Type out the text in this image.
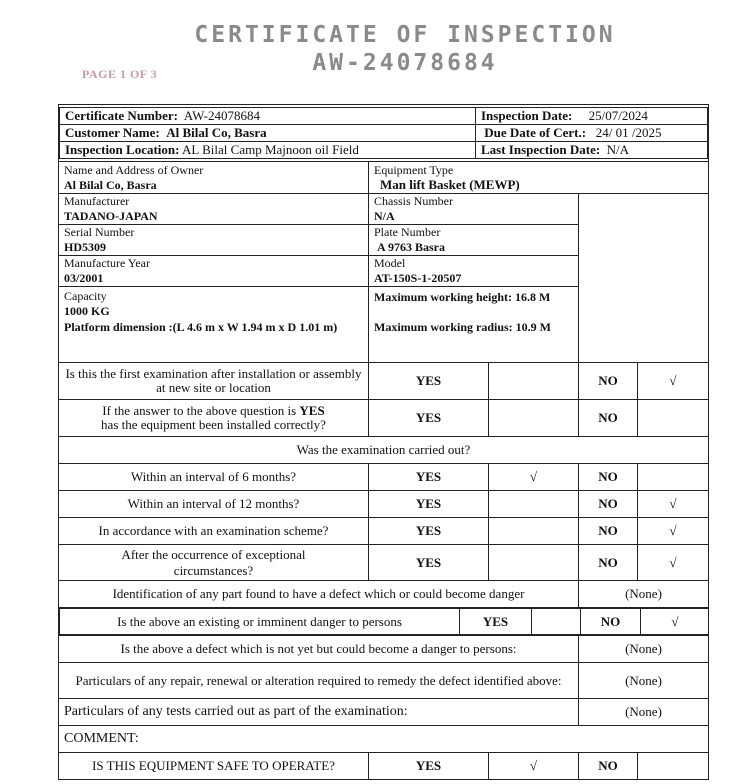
CERTIFICATE OF INSPECTION
AW-24078684
PAGE 1 OF 3
Certificate Number: AW-24078684	Inspection Date: 25/07/2024
Customer Name: Al Bilal Co, Basra	Due Date of Cert.: 24/ 01 /2025
Inspection Location: AL Bilal Camp Majnoon oil Field	Last Inspection Date: N/A

Name and Address of Owner
Al Bilal Co, Basra

Equipment Type
Man lift Basket (MEWP)

Manufacturer
TADANO-JAPAN

Chassis Number
N/A

Serial Number
HD5309

Plate Number
A 9763 Basra

Manufacture Year
03/2001

Model
AT-150S-1-20507

Capacity
1000 KG
Platform dimension :(L 4.6 m x W 1.94 m x D 1.01 m)

Maximum working height: 16.8 M
Maximum working radius: 10.9 M

Is this the first examination after installation or assembly at new site or location	YES		NO	√
If the answer to the above question is YES
has the equipment been installed correctly?	YES		NO	
Was the examination carried out?
Within an interval of 6 months?	YES	√	NO	
Within an interval of 12 months?	YES		NO	√
In accordance with an examination scheme?	YES		NO	√
After the occurrence of exceptional circumstances?	YES		NO	√
Identification of any part found to have a defect which or could become danger	(None)

Is the above an existing or imminent danger to persons	YES		NO	√

Is the above a defect which is not yet but could become a danger to persons:	(None)
Particulars of any repair, renewal or alteration required to remedy the defect identified above:	(None)
Particulars of any tests carried out as part of the examination:	(None)
COMMENT:
IS THIS EQUIPMENT SAFE TO OPERATE?	YES	√	NO	
